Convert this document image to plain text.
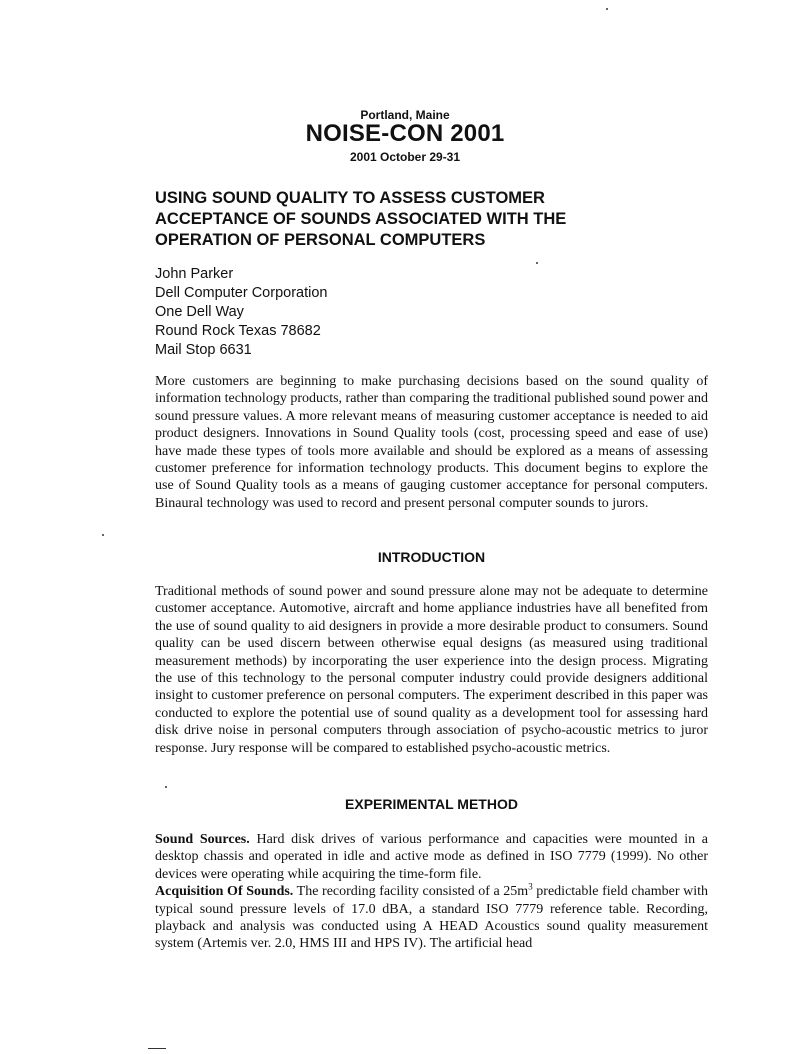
Portland, Maine
NOISE-CON 2001
2001 October 29-31
USING SOUND QUALITY TO ASSESS CUSTOMER
ACCEPTANCE OF SOUNDS ASSOCIATED WITH THE
OPERATION OF PERSONAL COMPUTERS
John Parker
Dell Computer Corporation
One Dell Way
Round Rock Texas 78682
Mail Stop 6631
More customers are beginning to make purchasing decisions based on the sound quality of information technology products, rather than comparing the traditional published sound power and sound pressure values. A more relevant means of measuring customer acceptance is needed to aid product designers. Innovations in Sound Quality tools (cost, processing speed and ease of use) have made these types of tools more available and should be explored as a means of assessing customer preference for information technology products. This document begins to explore the use of Sound Quality tools as a means of gauging customer acceptance for personal computers. Binaural technology was used to record and present personal computer sounds to jurors.
INTRODUCTION
Traditional methods of sound power and sound pressure alone may not be adequate to determine customer acceptance. Automotive, aircraft and home appliance industries have all benefited from the use of sound quality to aid designers in provide a more desirable product to consumers. Sound quality can be used discern between otherwise equal designs (as measured using traditional measurement methods) by incorporating the user experience into the design process. Migrating the use of this technology to the personal computer industry could provide designers additional insight to customer preference on personal computers. The experiment described in this paper was conducted to explore the potential use of sound quality as a development tool for assessing hard disk drive noise in personal computers through association of psycho-acoustic metrics to juror response. Jury response will be compared to established psycho-acoustic metrics.
EXPERIMENTAL METHOD
Sound Sources. Hard disk drives of various performance and capacities were mounted in a desktop chassis and operated in idle and active mode as defined in ISO 7779 (1999). No other devices were operating while acquiring the time-form file.
Acquisition Of Sounds. The recording facility consisted of a $25m^3$ predictable field chamber with typical sound pressure levels of 17.0 dBA, a standard ISO 7779 reference table. Recording, playback and analysis was conducted using A HEAD Acoustics sound quality measurement system (Artemis ver. 2.0, HMS III and HPS IV). The artificial head
